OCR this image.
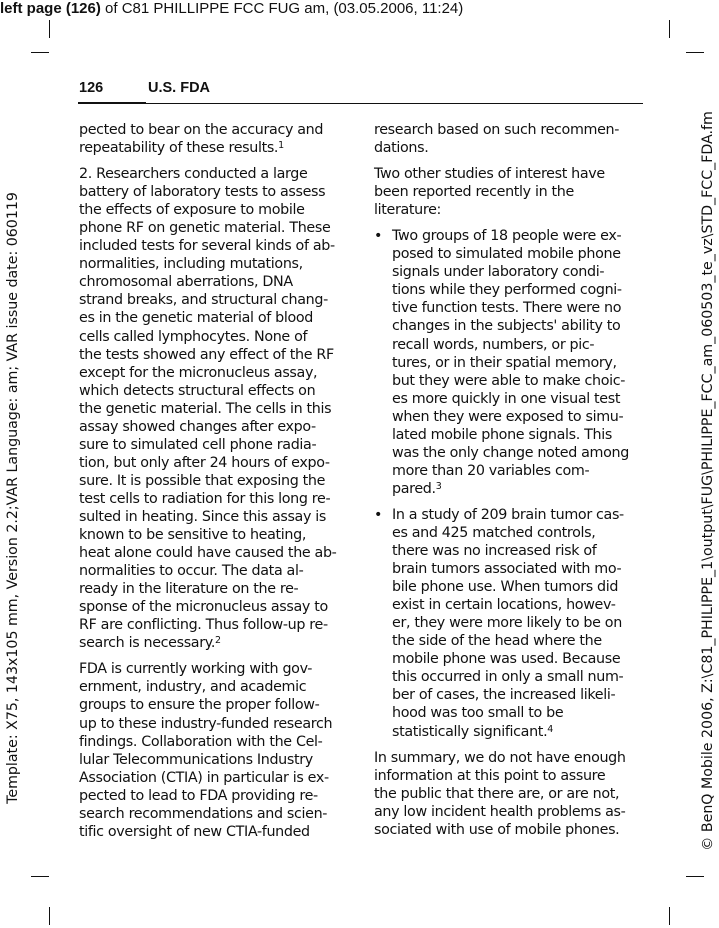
left page (126) of C81 PHILLIPPE FCC FUG am, (03.05.2006, 11:24)
Template: X75, 143x105 mm, Version 2.2;VAR Language: am; VAR issue date: 060119	© BenQ Mobile 2006, Z:\C81_PHILIPPE_1\output\FUG\PHILIPPE_FCC_am_060503_te_vz\STD_FCC_FDA.fm
126	U.S. FDA

pected to bear on the accuracy and
repeatability of these results.$^1$

2. Researchers conducted a large
battery of laboratory tests to assess
the effects of exposure to mobile
phone RF on genetic material. These
included tests for several kinds of ab-
normalities, including mutations,
chromosomal aberrations, DNA
strand breaks, and structural chang-
es in the genetic material of blood
cells called lymphocytes. None of
the tests showed any effect of the RF
except for the micronucleus assay,
which detects structural effects on
the genetic material. The cells in this
assay showed changes after expo-
sure to simulated cell phone radia-
tion, but only after 24 hours of expo-
sure. It is possible that exposing the
test cells to radiation for this long re-
sulted in heating. Since this assay is
known to be sensitive to heating,
heat alone could have caused the ab-
normalities to occur. The data al-
ready in the literature on the re-
sponse of the micronucleus assay to
RF are conflicting. Thus follow-up re-
search is necessary.$^2$

FDA is currently working with gov-
ernment, industry, and academic
groups to ensure the proper follow-
up to these industry-funded research
findings. Collaboration with the Cel-
lular Telecommunications Industry
Association (CTIA) in particular is ex-
pected to lead to FDA providing re-
search recommendations and scien-
tific oversight of new CTIA-funded

research based on such recommen-
dations.

Two other studies of interest have
been reported recently in the
literature:

• Two groups of 18 people were ex-
posed to simulated mobile phone
signals under laboratory condi-
tions while they performed cogni-
tive function tests. There were no
changes in the subjects' ability to
recall words, numbers, or pic-
tures, or in their spatial memory,
but they were able to make choic-
es more quickly in one visual test
when they were exposed to simu-
lated mobile phone signals. This
was the only change noted among
more than 20 variables com-
pared.$^3$
• In a study of 209 brain tumor cas-
es and 425 matched controls,
there was no increased risk of
brain tumors associated with mo-
bile phone use. When tumors did
exist in certain locations, howev-
er, they were more likely to be on
the side of the head where the
mobile phone was used. Because
this occurred in only a small num-
ber of cases, the increased likeli-
hood was too small to be
statistically significant.$^4$

In summary, we do not have enough
information at this point to assure
the public that there are, or are not,
any low incident health problems as-
sociated with use of mobile phones.
